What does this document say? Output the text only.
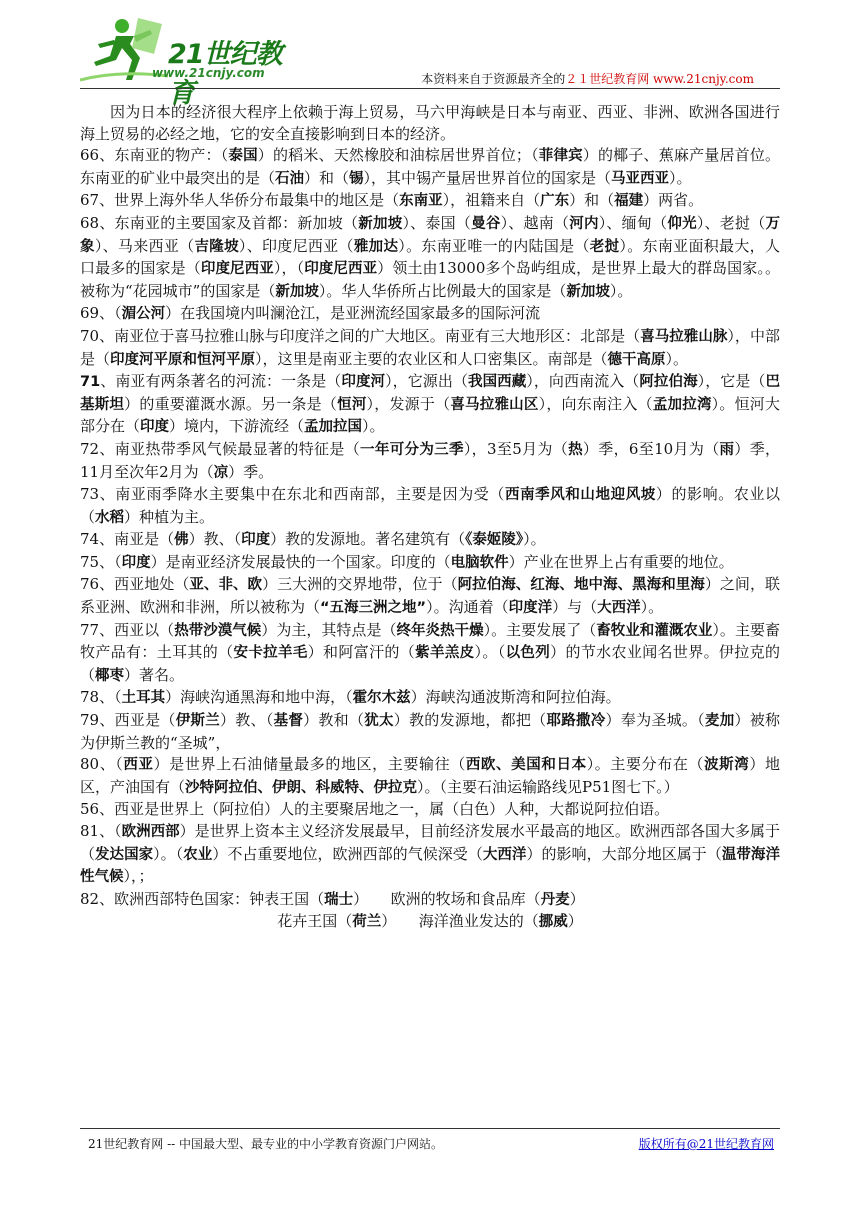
21世纪教育
www.21cnjy.com	本资料来自于资源最齐全的２１世纪教育网 www.21cnjy.com

因为日本的经济很大程序上依赖于海上贸易，马六甲海峡是日本与南亚、西亚、非洲、欧洲各国进行海上贸易的必经之地，它的安全直接影响到日本的经济。

66、东南亚的物产：（泰国）的稻米、天然橡胶和油棕居世界首位；（菲律宾）的椰子、蕉麻产量居首位。东南亚的矿业中最突出的是（石油）和（锡），其中锡产量居世界首位的国家是（马亚西亚）。

67、世界上海外华人华侨分布最集中的地区是（东南亚），祖籍来自（广东）和（福建）两省。

68、东南亚的主要国家及首都：新加坡（新加坡）、泰国（曼谷）、越南（河内）、缅甸（仰光）、老挝（万象）、马来西亚（吉隆坡）、印度尼西亚（雅加达）。东南亚唯一的内陆国是（老挝）。东南亚面积最大，人口最多的国家是（印度尼西亚），（印度尼西亚）领土由13000多个岛屿组成，是世界上最大的群岛国家。。被称为“花园城市”的国家是（新加坡）。华人华侨所占比例最大的国家是（新加坡）。

69、（湄公河）在我国境内叫澜沧江，是亚洲流经国家最多的国际河流

70、南亚位于喜马拉雅山脉与印度洋之间的广大地区。南亚有三大地形区：北部是（喜马拉雅山脉），中部是（印度河平原和恒河平原），这里是南亚主要的农业区和人口密集区。南部是（德干高原）。

71、南亚有两条著名的河流：一条是（印度河），它源出（我国西藏），向西南流入（阿拉伯海），它是（巴基斯坦）的重要灌溉水源。另一条是（恒河），发源于（喜马拉雅山区），向东南注入（孟加拉湾）。恒河大部分在（印度）境内，下游流经（孟加拉国）。

72、南亚热带季风气候最显著的特征是（一年可分为三季），3至5月为（热）季，6至10月为（雨）季，11月至次年2月为（凉）季。

73、南亚雨季降水主要集中在东北和西南部，主要是因为受（西南季风和山地迎风坡）的影响。农业以（水稻）种植为主。

74、南亚是（佛）教、（印度）教的发源地。著名建筑有（《泰姬陵》）。

75、（印度）是南亚经济发展最快的一个国家。印度的（电脑软件）产业在世界上占有重要的地位。

76、西亚地处（亚、非、欧）三大洲的交界地带，位于（阿拉伯海、红海、地中海、黑海和里海）之间，联系亚洲、欧洲和非洲，所以被称为（“五海三洲之地”）。沟通着（印度洋）与（大西洋）。

77、西亚以（热带沙漠气候）为主，其特点是（终年炎热干燥）。主要发展了（畜牧业和灌溉农业）。主要畜牧产品有：土耳其的（安卡拉羊毛）和阿富汗的（紫羊羔皮）。（以色列）的节水农业闻名世界。伊拉克的（椰枣）著名。

78、（土耳其）海峡沟通黑海和地中海，（霍尔木兹）海峡沟通波斯湾和阿拉伯海。

79、西亚是（伊斯兰）教、（基督）教和（犹太）教的发源地，都把（耶路撒冷）奉为圣城。（麦加）被称为伊斯兰教的“圣城”，

80、（西亚）是世界上石油储量最多的地区，主要输往（西欧、美国和日本）。主要分布在（波斯湾）地区，产油国有（沙特阿拉伯、伊朗、科威特、伊拉克）。（主要石油运输路线见P51图七下。）

56、西亚是世界上（阿拉伯）人的主要聚居地之一，属（白色）人种，大都说阿拉伯语。

81、（欧洲西部）是世界上资本主义经济发展最早，目前经济发展水平最高的地区。欧洲西部各国大多属于（发达国家）。（农业）不占重要地位，欧洲西部的气候深受（大西洋）的影响，大部分地区属于（温带海洋性气候），；

82、欧洲西部特色国家：钟表王国（瑞士）　　欧洲的牧场和食品库（丹麦）

花卉王国（荷兰）　　海洋渔业发达的（挪威）

21世纪教育网 -- 中国最大型、最专业的中小学教育资源门户网站。	版权所有@21世纪教育网
